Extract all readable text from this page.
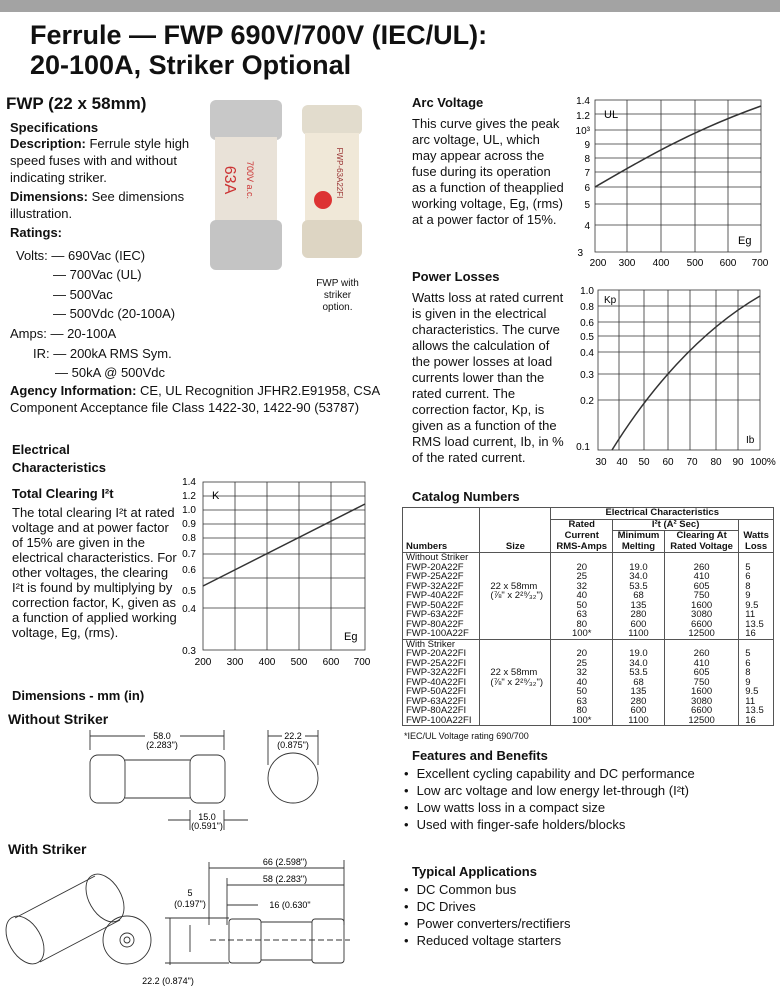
Ferrule — FWP 690V/700V (IEC/UL):
20-100A, Striker Optional
FWP (22 x 58mm)
Specifications
Description: Ferrule style high speed fuses with and without indicating striker.
Dimensions: See dimensions illustration.
Ratings:
Volts: — 690Vac (IEC)
— 700Vac (UL)
— 500Vac
— 500Vdc (20-100A)
Amps: — 20-100A
IR: — 200kA RMS Sym.
— 50kA @ 500Vdc
Agency Information: CE, UL Recognition JFHR2.E91958, CSA Component Acceptance file Class 1422-30, 1422-90 (53787)
63A 700V a.c.	FWP-63A22FI
FWP with striker option.
Electrical
Characteristics
Total Clearing I²t
The total clearing I²t at rated voltage and at power factor of 15% are given in the electrical characteristics. For other voltages, the clearing I²t is found by multiplying by correction factor, K, given as a function of applied working voltage, Eg, (rms).
1.4
1.2
1.0
0.9
0.8
0.7
0.6
0.5
0.4
0.3
200 300 400 500 600 700
K
Eg
Arc Voltage
This curve gives the peak arc voltage, UL, which may appear across the fuse during its operation as a function of theapplied working voltage, Eg, (rms) at a power factor of 15%.
1.4
1.2
10³
9
8
7
6
5
4
3
200 300 400 500 600 700
UL
Eg
Power Losses
Watts loss at rated current is given in the electrical characteristics. The curve allows the calculation of the power losses at load currents lower than the rated current. The correction factor, Kp, is given as a function of the RMS load current, Ib, in % of the rated current.
1.0
0.8
0.6
0.5
0.4
0.3
0.2
0.1
30 40 50 60 70 80 90 100%
Kp
Ib
Catalog Numbers
		Electrical Characteristics			
		Rated	I²t (A² Sec)		
		Current	Minimum	Clearing At	Watts
Numbers	Size	RMS-Amps	Melting	Rated Voltage	Loss
Without Striker					
FWP-20A22F		20	19.0	260	5
FWP-25A22F		25	34.0	410	6
FWP-32A22F	22 x 58mm	32	53.5	605	8
FWP-40A22F	(⅞" x 2²⁹⁄₃₂")	40	68	750	9
FWP-50A22F		50	135	1600	9.5
FWP-63A22F		63	280	3080	11
FWP-80A22F		80	600	6600	13.5
FWP-100A22F		100*	1100	12500	16
With Striker					
FWP-20A22FI		20	19.0	260	5
FWP-25A22FI		25	34.0	410	6
FWP-32A22FI	22 x 58mm	32	53.5	605	8
FWP-40A22FI	(⅞" x 2²⁹⁄₃₂")	40	68	750	9
FWP-50A22FI		50	135	1600	9.5
FWP-63A22FI		63	280	3080	11
FWP-80A22FI		80	600	6600	13.5
FWP-100A22FI		100*	1100	12500	16
*IEC/UL Voltage rating 690/700
Features and Benefits
• Excellent cycling capability and DC performance
• Low arc voltage and low energy let-through (I²t)
• Low watts loss in a compact size
• Used with finger-safe holders/blocks
Typical Applications
• DC Common bus
• DC Drives
• Power converters/rectifiers
• Reduced voltage starters
Dimensions - mm (in)
Without Striker
With Striker
58.0
(2.283")
22.2
(0.875")
15.0
(0.591")
66 (2.598")
58 (2.283")
16 (0.630"
5
(0.197")
22.2 (0.874")
